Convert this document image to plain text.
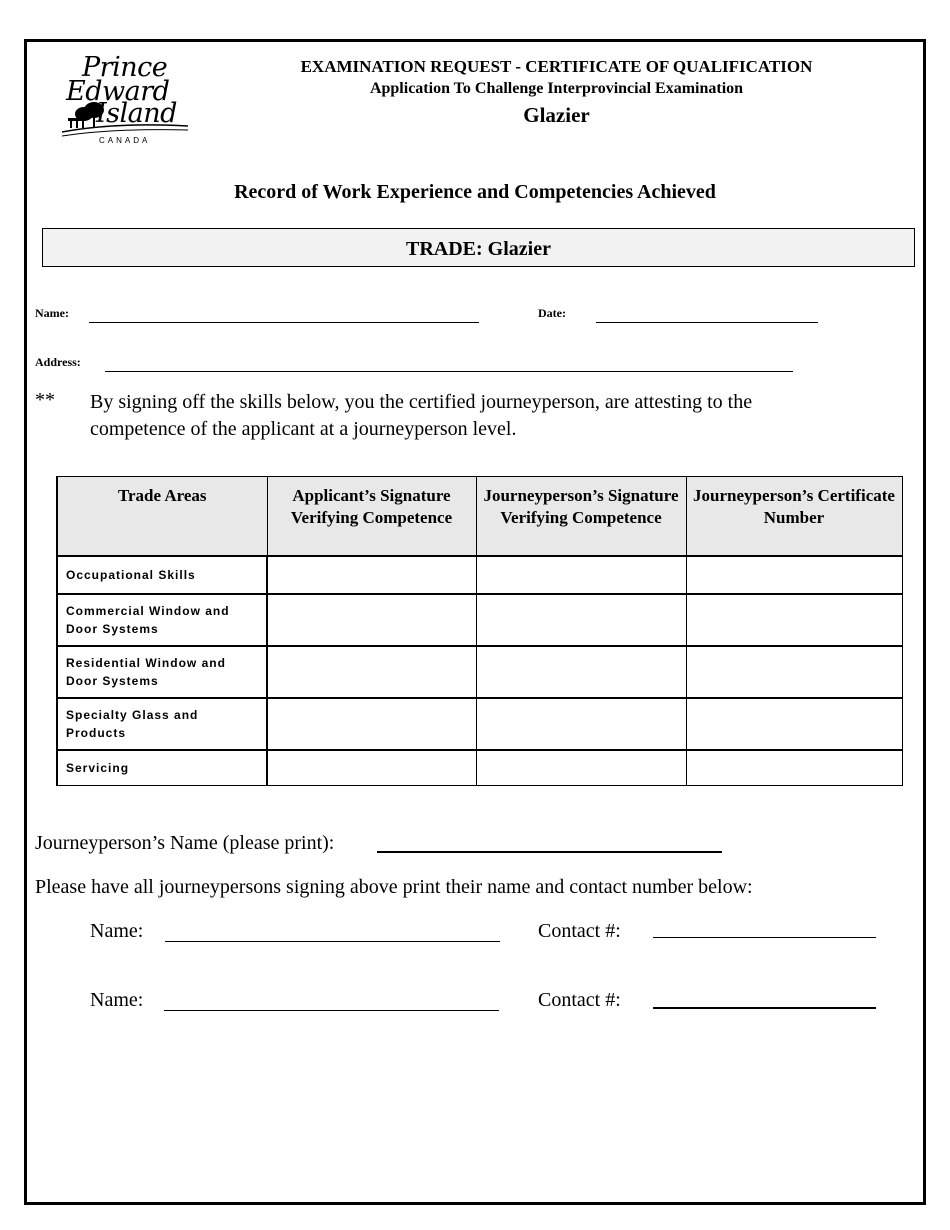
Prince
Edward
Island
CANADA
EXAMINATION REQUEST - CERTIFICATE OF QUALIFICATION
Application To Challenge Interprovincial Examination
Glazier
Record of Work Experience and Competencies Achieved
TRADE: Glazier
Name:	Date:
Address:
** By signing off the skills below, you the certified journeyperson, are attesting to the competence of the applicant at a journeyperson level.
Trade Areas	Applicant’s Signature Verifying Competence	Journeyperson’s Signature Verifying Competence	Journeyperson’s Certificate Number
Occupational Skills			
Commercial Window and Door Systems			
Residential Window and Door Systems			
Specialty Glass and Products			
Servicing			
Journeyperson’s Name (please print):
Please have all journeypersons signing above print their name and contact number below:
Name:	Contact #:
Name:	Contact #:
